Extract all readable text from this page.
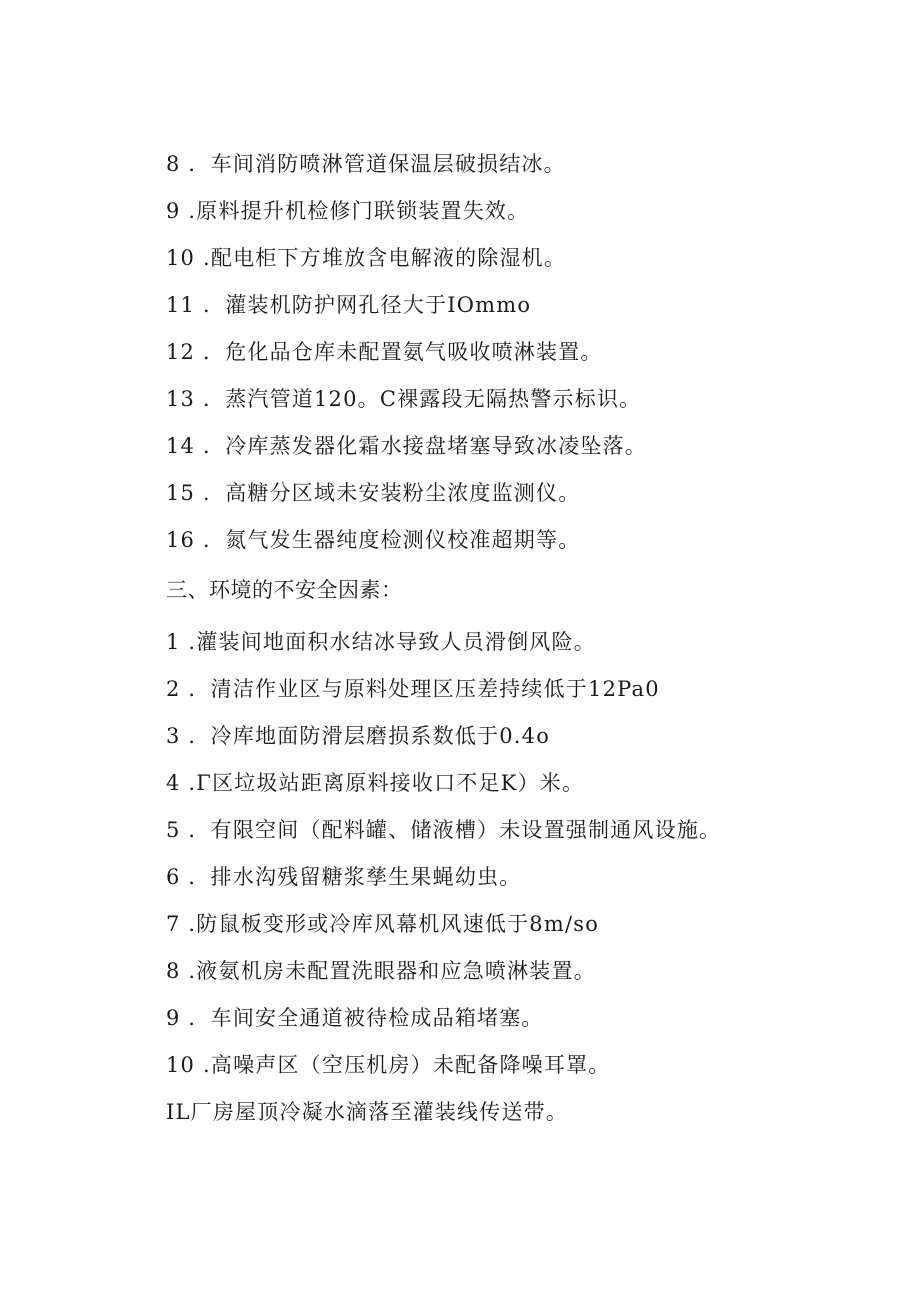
8 ．车间消防喷淋管道保温层破损结冰。
9 .原料提升机检修门联锁装置失效。
10 .配电柜下方堆放含电解液的除湿机。
11 ．灌装机防护网孔径大于IOmmo
12 ．危化品仓库未配置氨气吸收喷淋装置。
13 ．蒸汽管道120。C裸露段无隔热警示标识。
14 ．冷库蒸发器化霜水接盘堵塞导致冰凌坠落。
15 ．高糖分区域未安装粉尘浓度监测仪。
16 ．氮气发生器纯度检测仪校准超期等。
三、环境的不安全因素：
1 .灌装间地面积水结冰导致人员滑倒风险。
2 ．清洁作业区与原料处理区压差持续低于12Pa0
3 ．冷库地面防滑层磨损系数低于0.4o
4 .Γ区垃圾站距离原料接收口不足K）米。
5 ．有限空间（配料罐、储液槽）未设置强制通风设施。
6 ．排水沟残留糖浆孳生果蝇幼虫。
7 .防鼠板变形或冷库风幕机风速低于8m∕so
8 .液氨机房未配置洗眼器和应急喷淋装置。
9 ．车间安全通道被待检成品箱堵塞。
10 .高噪声区（空压机房）未配备降噪耳罩。
IL厂房屋顶冷凝水滴落至灌装线传送带。
